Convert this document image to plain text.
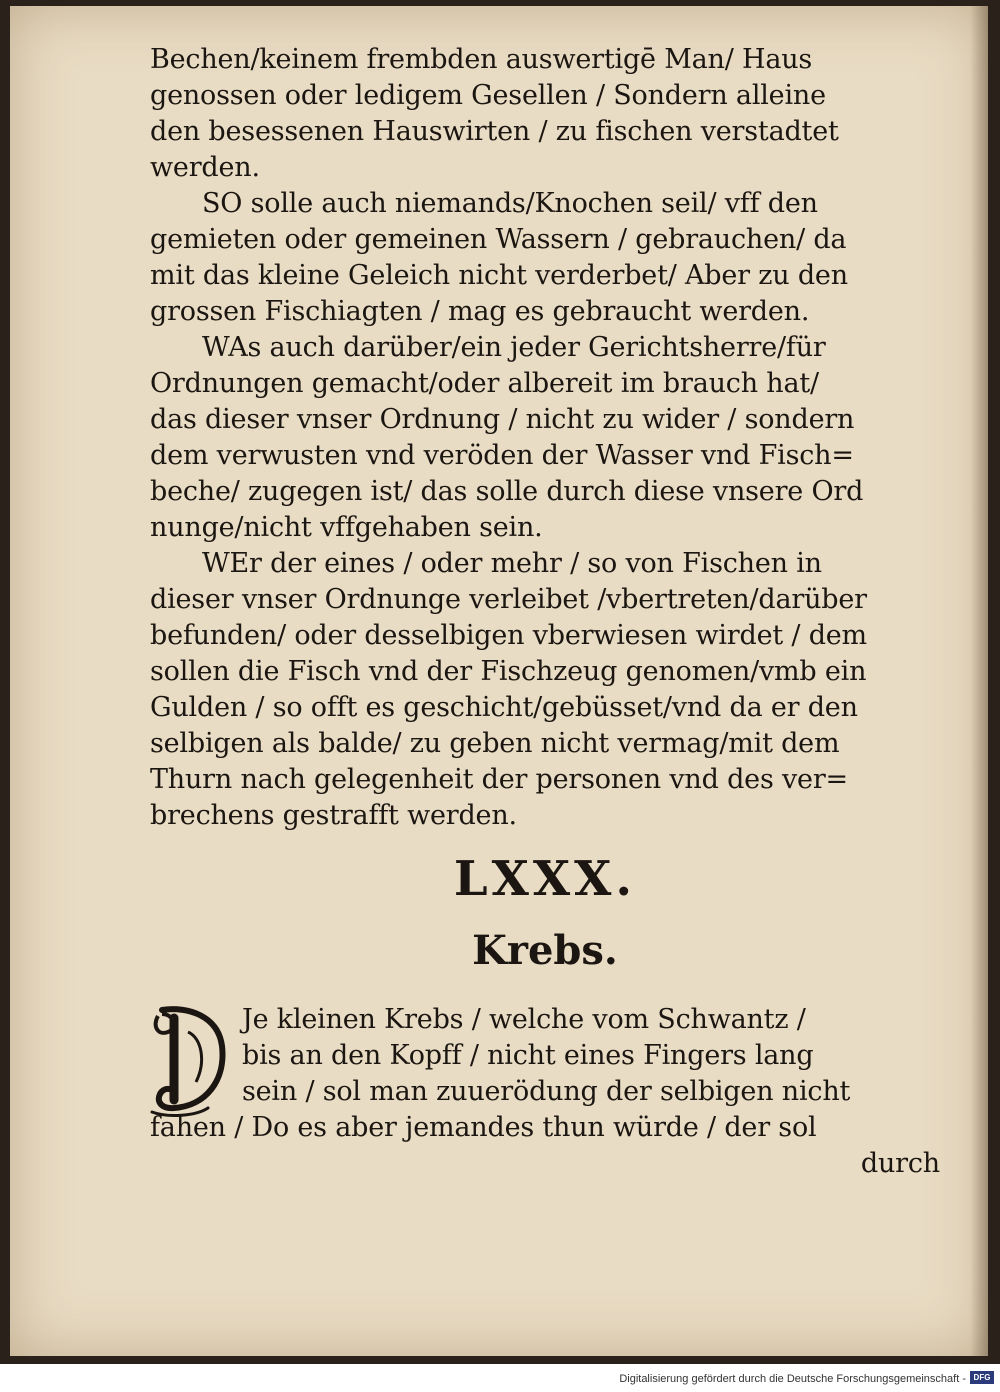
Bechen/keinem frembden auswertigē Man/ Haus
genossen oder ledigem Gesellen / Sondern alleine
den besessenen Hauswirten / zu fischen verstadtet
werden.
SO solle auch niemands/Knochen seil/ vff den
gemieten oder gemeinen Wassern / gebrauchen/ da
mit das kleine Geleich nicht verderbet/ Aber zu den
grossen Fischiagten / mag es gebraucht werden.
WAs auch darüber/ein jeder Gerichtsherre/für
Ordnungen gemacht/oder albereit im brauch hat/
das dieser vnser Ordnung / nicht zu wider / sondern
dem verwusten vnd veröden der Wasser vnd Fisch=
beche/ zugegen ist/ das solle durch diese vnsere Ord
nunge/nicht vffgehaben sein.
WEr der eines / oder mehr / so von Fischen in
dieser vnser Ordnunge verleibet /vbertreten/darüber
befunden/ oder desselbigen vberwiesen wirdet / dem
sollen die Fisch vnd der Fischzeug genomen/vmb ein
Gulden / so offt es geschicht/gebüsset/vnd da er den
selbigen als balde/ zu geben nicht vermag/mit dem
Thurn nach gelegenheit der personen vnd des ver=
brechens gestrafft werden.
LXXX.
Krebs.
Je kleinen Krebs / welche vom Schwantz /
bis an den Kopff / nicht eines Fingers lang
sein / sol man zuuerödung der selbigen nicht
fahen / Do es aber jemandes thun würde / der sol
durch
Digitalisierung gefördert durch die Deutsche Forschungsgemeinschaft - DFG
